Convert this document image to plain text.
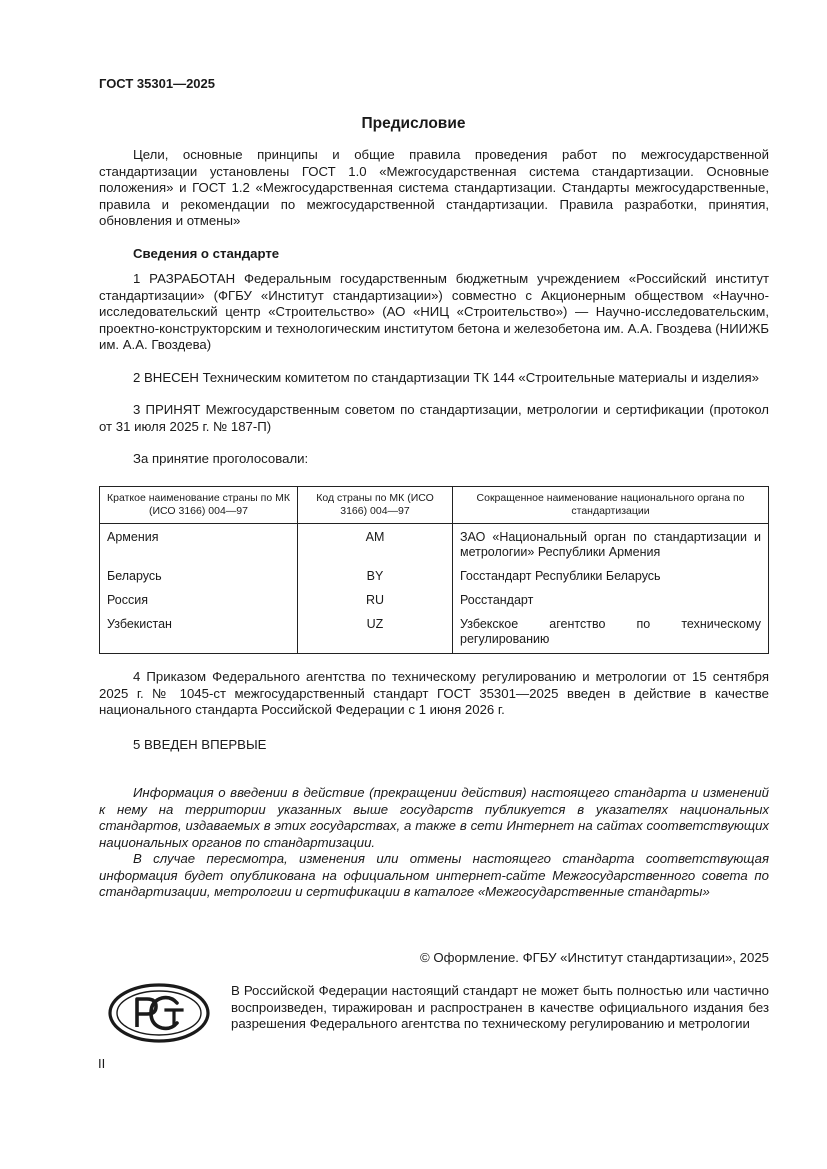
ГОСТ 35301—2025
Предисловие

Цели, основные принципы и общие правила проведения работ по межгосударственной стандартизации установлены ГОСТ 1.0 «Межгосударственная система стандартизации. Основные положения» и ГОСТ 1.2 «Межгосударственная система стандартизации. Стандарты межгосударственные, правила и рекомендации по межгосударственной стандартизации. Правила разработки, принятия, обновления и отмены»

Сведения о стандарте

1 РАЗРАБОТАН Федеральным государственным бюджетным учреждением «Российский институт стандартизации» (ФГБУ «Институт стандартизации») совместно с Акционерным обществом «Научно-исследовательский центр «Строительство» (АО «НИЦ «Строительство») — Научно-исследовательским, проектно-конструкторским и технологическим институтом бетона и железобетона им. А.А. Гвоздева (НИИЖБ им. А.А. Гвоздева)

2 ВНЕСЕН Техническим комитетом по стандартизации ТК 144 «Строительные материалы и изделия»

3 ПРИНЯТ Межгосударственным советом по стандартизации, метрологии и сертификации (протокол от 31 июля 2025 г. № 187-П)

За принятие проголосовали:

Краткое наименование страны по МК (ИСО 3166) 004—97	Код страны по МК (ИСО 3166) 004—97	Сокращенное наименование национального органа по стандартизации
Армения	AM	ЗАО «Национальный орган по стандартизации и метрологии» Республики Армения
Беларусь	BY	Госстандарт Республики Беларусь
Россия	RU	Росстандарт
Узбекистан	UZ	Узбекское агентство по техническому регулированию

4 Приказом Федерального агентства по техническому регулированию и метрологии от 15 сентября 2025 г. № 1045-ст межгосударственный стандарт ГОСТ 35301—2025 введен в действие в качестве национального стандарта Российской Федерации с 1 июня 2026 г.

5 ВВЕДЕН ВПЕРВЫЕ

Информация о введении в действие (прекращении действия) настоящего стандарта и изменений к нему на территории указанных выше государств публикуется в указателях национальных стандартов, издаваемых в этих государствах, а также в сети Интернет на сайтах соответствующих национальных органов по стандартизации.

В случае пересмотра, изменения или отмены настоящего стандарта соответствующая информация будет опубликована на официальном интернет-сайте Межгосударственного совета по стандартизации, метрологии и сертификации в каталоге «Межгосударственные стандарты»

© Оформление. ФГБУ «Институт стандартизации», 2025
В Российской Федерации настоящий стандарт не может быть полностью или частично воспроизведен, тиражирован и распространен в качестве официального издания без разрешения Федерального агентства по техническому регулированию и метрологии
II
